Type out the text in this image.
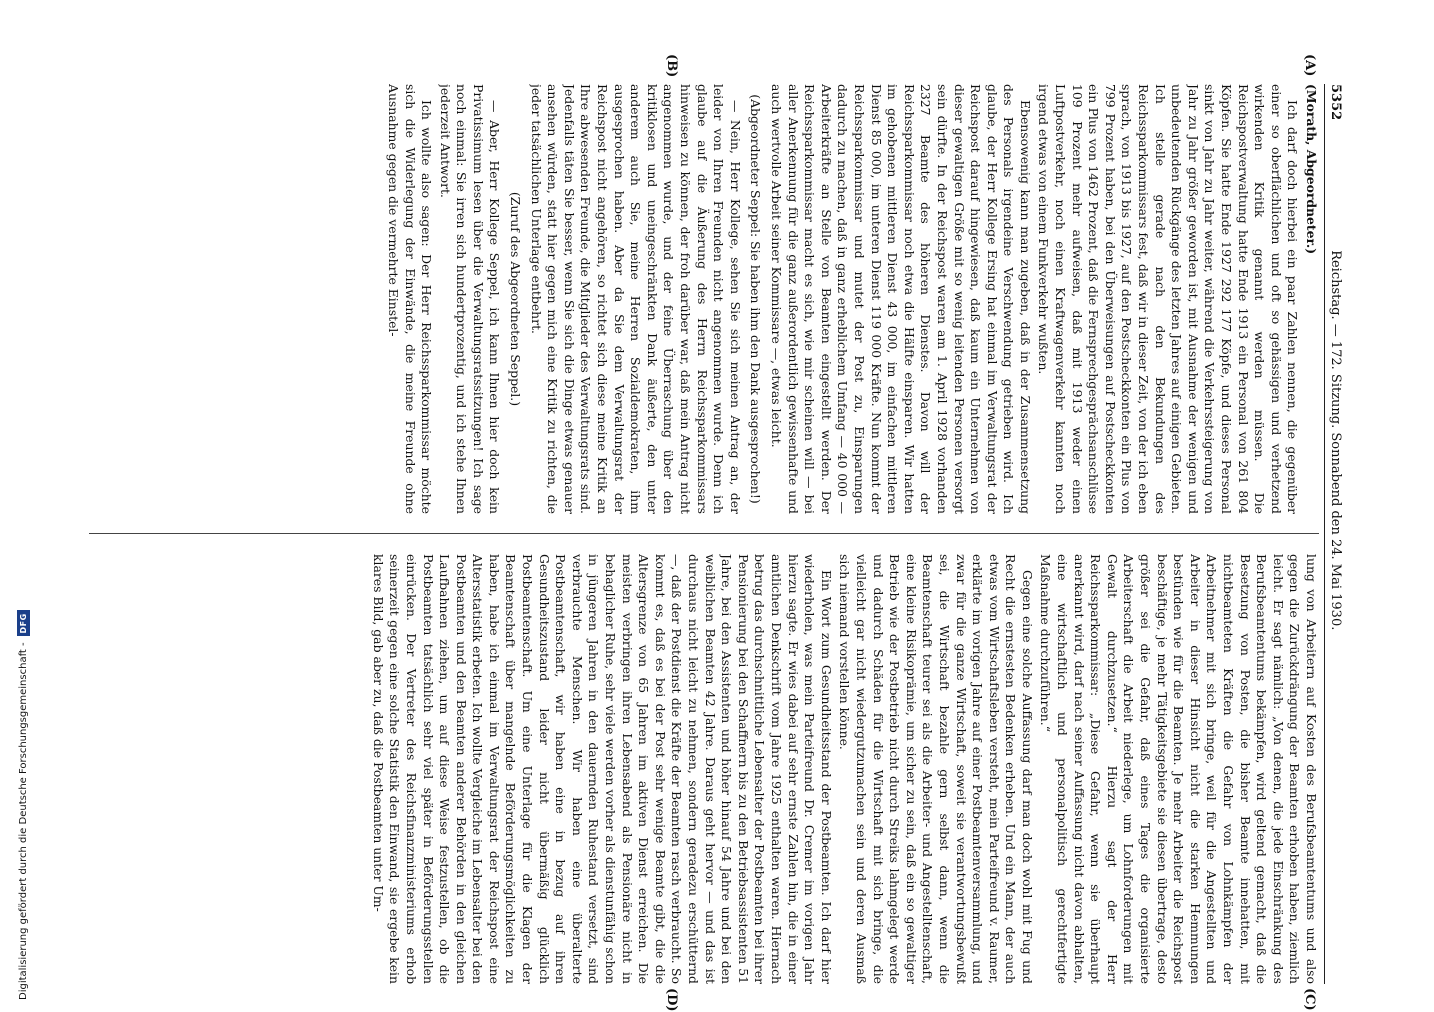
5352
Reichstag. — 172. Sitzung. Sonnabend den 24. Mai 1930.
(A)
(B)
(C)
(D)

(Morath, Abgeordneter.)

Ich darf doch hierbei ein paar Zahlen nennen, die gegenüber einer so oberflächlichen und oft so gehässigen und verhetzend wirkenden Kritik genannt werden müssen. Die Reichspostverwaltung hatte Ende 1913 ein Personal von 261 804 Köpfen. Sie hatte Ende 1927 292 177 Köpfe, und dieses Personal sinkt von Jahr zu Jahr weiter, während die Verkehrssteigerung von Jahr zu Jahr größer geworden ist, mit Ausnahme der wenigen und unbedeutenden Rückgänge des letzten Jahres auf einigen Gebieten. Ich stelle gerade nach den Bekundungen des Reichssparkommissars fest, daß wir in dieser Zeit, von der ich eben sprach, von 1913 bis 1927, auf den Postscheckkonten ein Plus von 799 Prozent haben, bei den Überweisungen auf Postscheckkonten ein Plus von 1462 Prozent, daß die Fernsprechgesprächsanschlüsse 109 Prozent mehr aufweisen, daß mit 1913 weder einen Luftpostverkehr, noch einen Kraftwagenverkehr kannten noch irgend etwas von einem Funkverkehr wußten.

Ebensowenig kann man zugeben, daß in der Zusammensetzung des Personals irgendeine Verschwendung getrieben wird. Ich glaube, der Herr Kollege Ersing hat einmal im Verwaltungsrat der Reichspost darauf hingewiesen, daß kaum ein Unternehmen von dieser gewaltigen Größe mit so wenig leitenden Personen versorgt sein dürfte. In der Reichspost waren am 1. April 1928 vorhanden 2327 Beamte des höheren Dienstes. Davon will der Reichssparkommissar noch etwa die Hälfte einsparen. Wir hatten im gehobenen mittleren Dienst 43 000, im einfachen mittleren Dienst 85 000, im unteren Dienst 119 000 Kräfte. Nun kommt der Reichssparkommissar und mutet der Post zu, Einsparungen dadurch zu machen, daß in ganz erheblichem Umfang — 40 000 — Arbeiterkräfte an Stelle von Beamten eingestellt werden. Der Reichssparkommissar macht es sich, wie mir scheinen will — bei aller Anerkennung für die ganz außerordentlich gewissenhafte und auch wertvolle Arbeit seiner Kommissare —, etwas leicht.

(Abgeordneter Seppel: Sie haben ihm den Dank ausgesprochen!)

— Nein, Herr Kollege, sehen Sie sich meinen Antrag an, der leider von Ihren Freunden nicht angenommen wurde. Denn ich glaube auf die Äußerung des Herrn Reichssparkommissars hinweisen zu können, der froh darüber war, daß mein Antrag nicht angenommen wurde, und der feine Überraschung über den kritiklosen und uneingeschränkten Dank äußerte, den unter anderem auch Sie, meine Herren Sozialdemokraten, ihm ausgesprochen haben. Aber da Sie dem Verwaltungsrat der Reichspost nicht angehören, so richtet sich diese meine Kritik an Ihre abwesenden Freunde, die Mitglieder des Verwaltungsrats sind. Jedenfalls täten Sie besser, wenn Sie sich die Dinge etwas genauer ansehen würden, statt hier gegen mich eine Kritik zu richten, die jeder tatsächlichen Unterlage entbehrt.

(Zuruf des Abgeordneten Seppel.)

— Aber, Herr Kollege Seppel, ich kann Ihnen hier doch kein Privatissimum lesen über die Verwaltungsratssitzungen! Ich sage noch einmal: Sie irren sich hundertprozentig, und ich stehe Ihnen jederzeit Antwort.

Ich wollte also sagen: Der Herr Reichssparkommissar möchte sich die Widerlegung der Einwände, die meine Freunde ohne Ausnahme gegen die vermehrte Einstel-

lung von Arbeitern auf Kosten des Berufsbeamtentums und also gegen die Zurückdrängung der Beamten erhoben haben, ziemlich leicht. Er sagt nämlich: „Von denen, die jede Einschränkung des Berufsbeamtentums bekämpfen, wird geltend gemacht, daß die Besetzung von Posten, die bisher Beamte innehatten, mit nichtbeamteten Kräften die Gefahr von Lohnkämpfen der Arbeitnehmer mit sich bringe, weil für die Angestellten und Arbeiter in dieser Hinsicht nicht die starken Hemmungen bestünden wie für die Beamten. Je mehr Arbeiter die Reichspost beschäftige, je mehr Tätigkeitsgebiete sie diesen übertrage, desto größer sei die Gefahr, daß eines Tages die organisierte Arbeiterschaft die Arbeit niederlege, um Lohnforderungen mit Gewalt durchzusetzen.“ Hierzu sagt der Herr Reichssparkommissar: „Diese Gefahr, wenn sie überhaupt anerkannt wird, darf nach seiner Auffassung nicht davon abhalten, eine wirtschaftlich und personalpolitisch gerechtfertigte Maßnahme durchzuführen.“

Gegen eine solche Auffassung darf man doch wohl mit Fug und Recht die ernstesten Bedenken erheben. Und ein Mann, der auch etwas vom Wirtschaftsleben versteht, mein Parteifreund v. Raumer, erklärte im vorigen Jahre auf einer Postbeamtenversammlung, und zwar für die ganze Wirtschaft, soweit sie verantwortungsbewußt sei, die Wirtschaft bezahle gern selbst dann, wenn die Beamtenschaft teurer sei als die Arbeiter- und Angestelltenschaft, eine kleine Risikoprämie, um sicher zu sein, daß ein so gewaltiger Betrieb wie der Postbetrieb nicht durch Streiks lahmgelegt werde und dadurch Schäden für die Wirtschaft mit sich bringe, die vielleicht gar nicht wiedergutzumachen sein und deren Ausmaß sich niemand vorstellen könne.

Ein Wort zum Gesundheitsstand der Postbeamten. Ich darf hier wiederholen, was mein Parteifreund Dr. Cremer im vorigen Jahr hierzu sagte. Er wies dabei auf sehr ernste Zahlen hin, die in einer amtlichen Denkschrift vom Jahre 1925 enthalten waren. Hiernach betrug das durchschnittliche Lebensalter der Postbeamten bei ihrer Pensionierung bei den Schaffnern bis zu den Betriebsassistenten 51 Jahre, bei den Assistenten und höher hinauf 54 Jahre und bei den weiblichen Beamten 42 Jahre. Daraus geht hervor — und das ist durchaus nicht leicht zu nehmen, sondern geradezu erschütternd —, daß der Postdienst die Kräfte der Beamten rasch verbraucht. So kommt es, daß es bei der Post sehr wenige Beamte gibt, die die Altersgrenze von 65 Jahren im aktiven Dienst erreichen. Die meisten verbringen ihren Lebensabend als Pensionäre nicht in behaglicher Ruhe, sehr viele werden vorher als dienstunfähig schon in jüngeren Jahren in den dauernden Ruhestand versetzt, sind verbrauchte Menschen. Wir haben eine überalterte Postbeamtenschaft, wir haben eine in bezug auf ihren Gesundheitszustand leider nicht übermäßig glücklich Postbeamtenschaft. Um eine Unterlage für die Klagen der Beamtenschaft über mangelnde Beförderungsmöglichkeiten zu haben, habe ich einmal im Verwaltungsrat der Reichspost eine Altersstatistik erbeten. Ich wollte Vergleiche im Lebensalter bei den Postbeamten und den Beamten anderer Behörden in den gleichen Laufbahnen ziehen, um auf diese Weise festzustellen, ob die Postbeamten tatsächlich sehr viel später in Beförderungsstellen einrücken. Der Vertreter des Reichsfinanzministeriums erhob seinerzeit gegen eine solche Statistik den Einwand, sie ergebe kein klares Bild, gab aber zu, daß die Postbeamten unter Um-

Digitalisierung gefördert durch die Deutsche Forschungsgemeinschaft -
DFG
